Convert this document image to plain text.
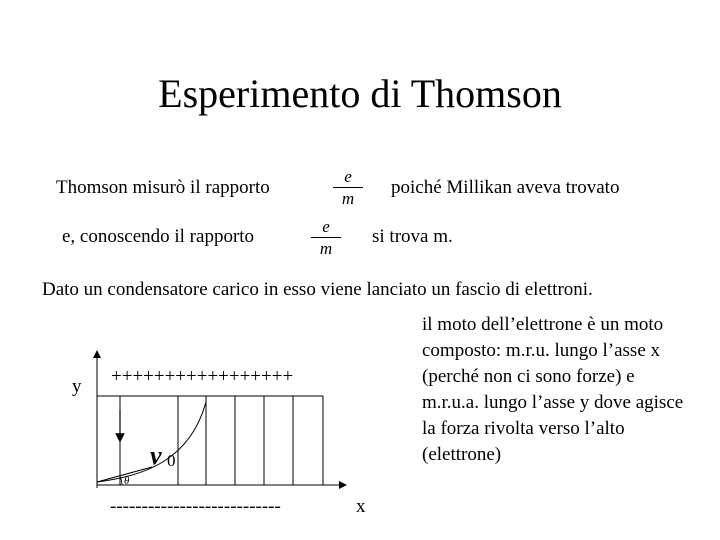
Esperimento di Thomson
Thomson misurò il rapporto
e
m
poiché Millikan aveva trovato
e, conoscendo il rapporto	e
m
si trova m.
Dato un condensatore carico in esso viene lanciato un fascio di elettroni.
il moto dell’elettrone è un moto composto: m.r.u. lungo l’asse x (perché non ci sono forze) e m.r.u.a. lungo l’asse y dove agisce la forza rivolta verso l’alto (elettrone)
+++++++++++++++++
y
x
---------------------------
v 0
θ
